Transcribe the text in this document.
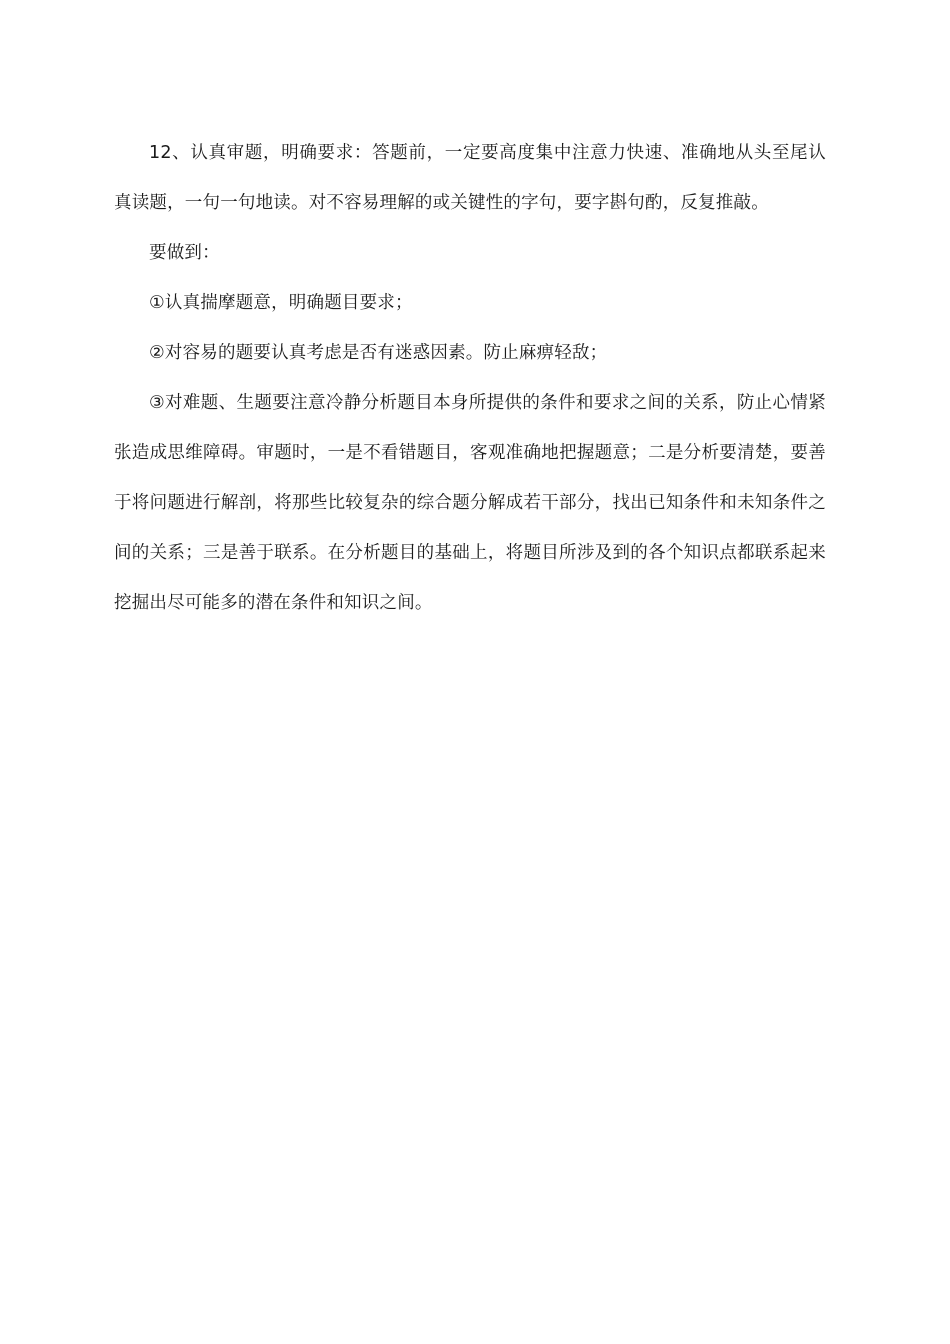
12、认真审题，明确要求：答题前，一定要高度集中注意力快速、准确地从头至尾认真读题，一句一句地读。对不容易理解的或关键性的字句，要字斟句酌，反复推敲。

要做到：

①认真揣摩题意，明确题目要求；

②对容易的题要认真考虑是否有迷惑因素。防止麻痹轻敌；

③对难题、生题要注意冷静分析题目本身所提供的条件和要求之间的关系，防止心情紧张造成思维障碍。审题时，一是不看错题目，客观准确地把握题意；二是分析要清楚，要善于将问题进行解剖，将那些比较复杂的综合题分解成若干部分，找出已知条件和未知条件之间的关系；三是善于联系。在分析题目的基础上，将题目所涉及到的各个知识点都联系起来挖掘出尽可能多的潜在条件和知识之间。
